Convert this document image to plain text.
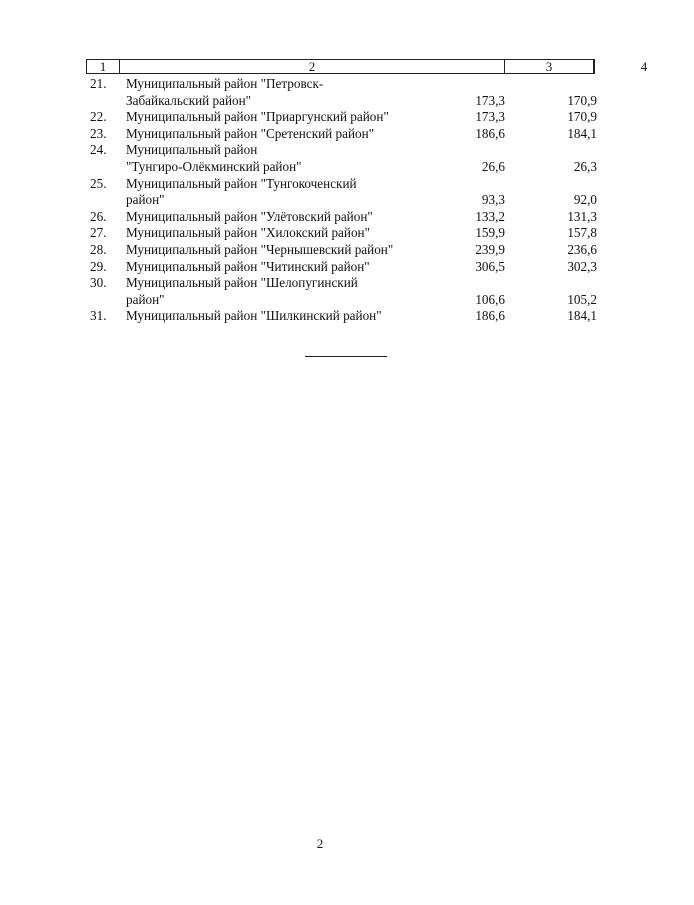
1	2	3	4
21.	Муниципальный район "Петровск-
Забайкальский район"	173,3	170,9
22.	Муниципальный район "Приаргунский район"	173,3	170,9
23.	Муниципальный район "Сретенский район"	186,6	184,1
24.	Муниципальный район
"Тунгиро-Олёкминский район"	26,6	26,3
25.	Муниципальный район "Тунгокоченский
район"	93,3	92,0
26.	Муниципальный район "Улётовский район"	133,2	131,3
27.	Муниципальный район "Хилокский район"	159,9	157,8
28.	Муниципальный район "Чернышевский район"	239,9	236,6
29.	Муниципальный район "Читинский район"	306,5	302,3
30.	Муниципальный район "Шелопугинский
район"	106,6	105,2
31.	Муниципальный район "Шилкинский район"	186,6	184,1
2
